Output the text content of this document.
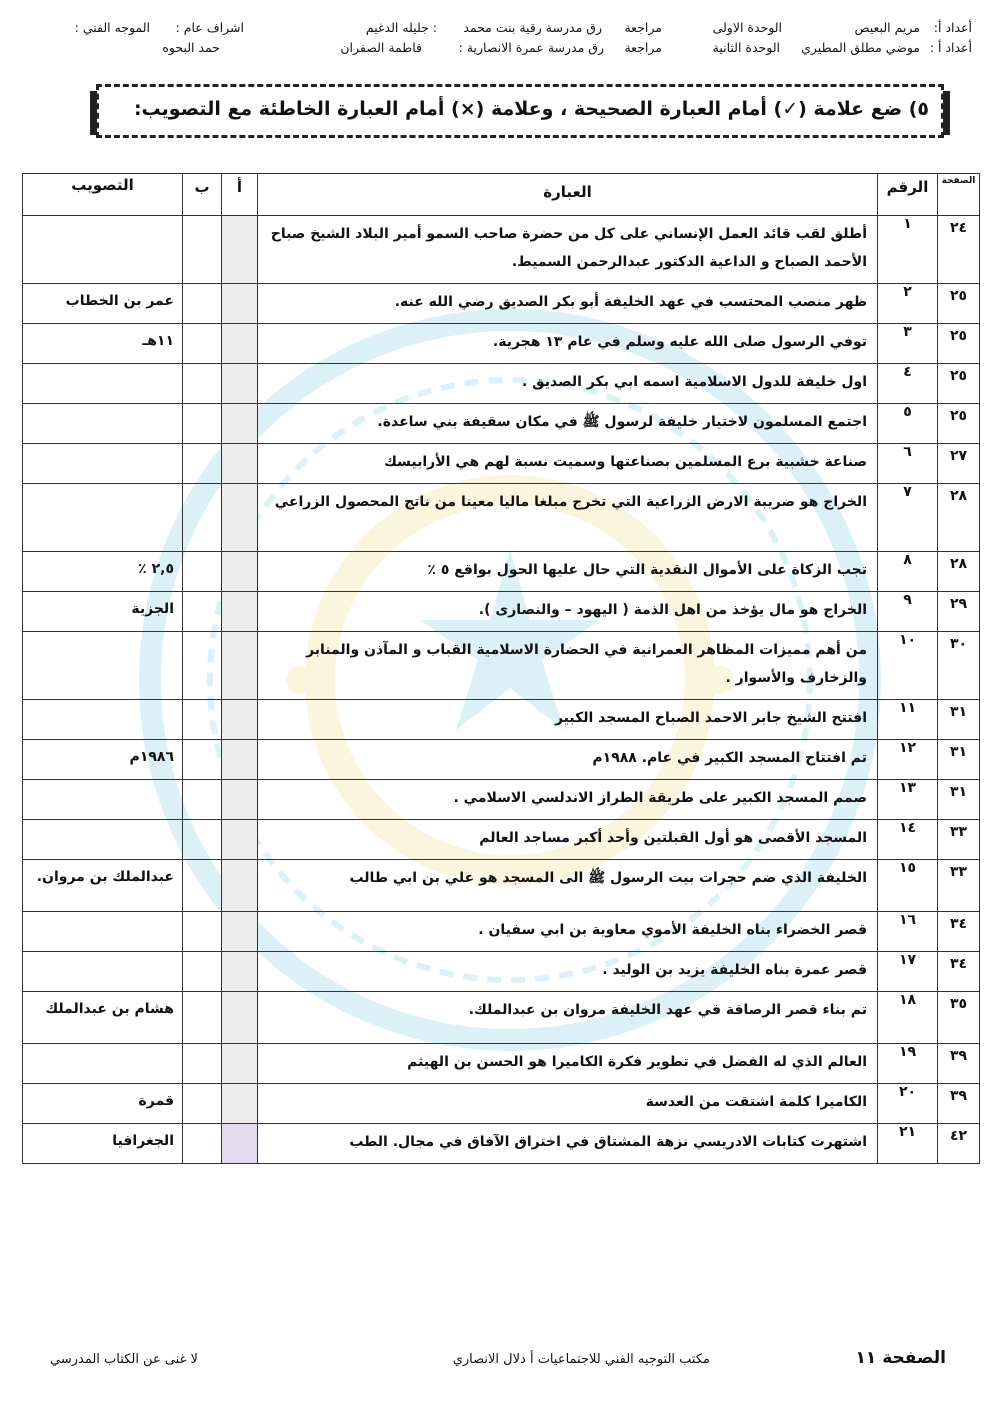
أعداد أ:
مريم البعيص
الوحدة الاولى
مراجعة
رق مدرسة رقية بنت محمد
: جليله الدغيم
اشراف عام :
الموجه الفني :
أعداد أ :
موضي مطلق المطيري
الوحدة الثانية
مراجعة
رق مدرسة عمرة الانصارية :
فاطمة الصفران
حمد البحوه
٥) ضع علامة (✓) أمام العبارة الصحيحة ، وعلامة (×) أمام العبارة الخاطئة مع التصويب:
الصفحة	الرقم	العبارة	أ	ب	التصويب

٢٤	١	أطلق لقب قائد العمل الإنساني على كل من حضرة صاحب السمو أمير البلاد الشيخ صباح الأحمد الصباح و الداعية الدكتور عبدالرحمن السميط.			

٢٥	٢	ظهر منصب المحتسب في عهد الخليفة أبو بكر الصديق رضي الله عنه.			عمر بن الخطاب

٢٥	٣	توفي الرسول صلى الله عليه وسلم في عام ١٣ هجرية.			١١هـ

٢٥	٤	اول خليفة للدول الاسلامية اسمه ابي بكر الصديق .			

٢٥	٥	اجتمع المسلمون لاختيار خليفة لرسول ﷺ في مكان سقيفة بني ساعدة.			

٢٧	٦	صناعة خشبية برع المسلمين بصناعتها وسميت نسبة لهم هي الأرابيسك			

٢٨	٧	الخراج هو ضريبة الارض الزراعية التي تخرج مبلغا ماليا معينا من ناتج المحصول الزراعي			

٢٨	٨	تجب الزكاة على الأموال النقدية التي حال عليها الحول بواقع ٥ ٪			٢,٥ ٪

٢٩	٩	الخراج هو مال يؤخذ من اهل الذمة ( اليهود – والنصارى ).			الجزية

٣٠	١٠	من أهم مميزات المظاهر العمرانية في الحضارة الاسلامية القباب و المآذن والمنابر والزخارف والأسوار .			

٣١	١١	افتتح الشيخ جابر الاحمد الصباح المسجد الكبير			

٣١	١٢	تم افتتاح المسجد الكبير في عام. ١٩٨٨م			١٩٨٦م

٣١	١٣	صمم المسجد الكبير على طريقة الطراز الاندلسي الاسلامي .			

٣٣	١٤	المسجد الأقصى هو أول القبلتين وأحد أكبر مساجد العالم			

٣٣	١٥	الخليفة الذي ضم حجرات بيت الرسول ﷺ الى المسجد هو علي بن ابي طالب			عبدالملك بن مروان.

٣٤	١٦	قصر الخضراء بناه الخليفة الأموي معاوية بن ابي سفيان .			

٣٤	١٧	قصر عمرة بناه الخليفة يزيد بن الوليد .			

٣٥	١٨	تم بناء قصر الرصافة في عهد الخليفة مروان بن عبدالملك.			هشام بن عبدالملك

٣٩	١٩	العالم الذي له الفضل في تطوير فكرة الكاميرا هو الحسن بن الهيثم			

٣٩	٢٠	الكاميرا كلمة اشتقت من العدسة			قمرة

٤٢	٢١	اشتهرت كتابات الادريسي نزهة المشتاق في اختراق الآفاق في مجال. الطب			الجغرافيا
الصفحة ١١
مكتب التوجيه الفني للاجتماعيات أ دلال الانصاري
لا غنى عن الكتاب المدرسي
